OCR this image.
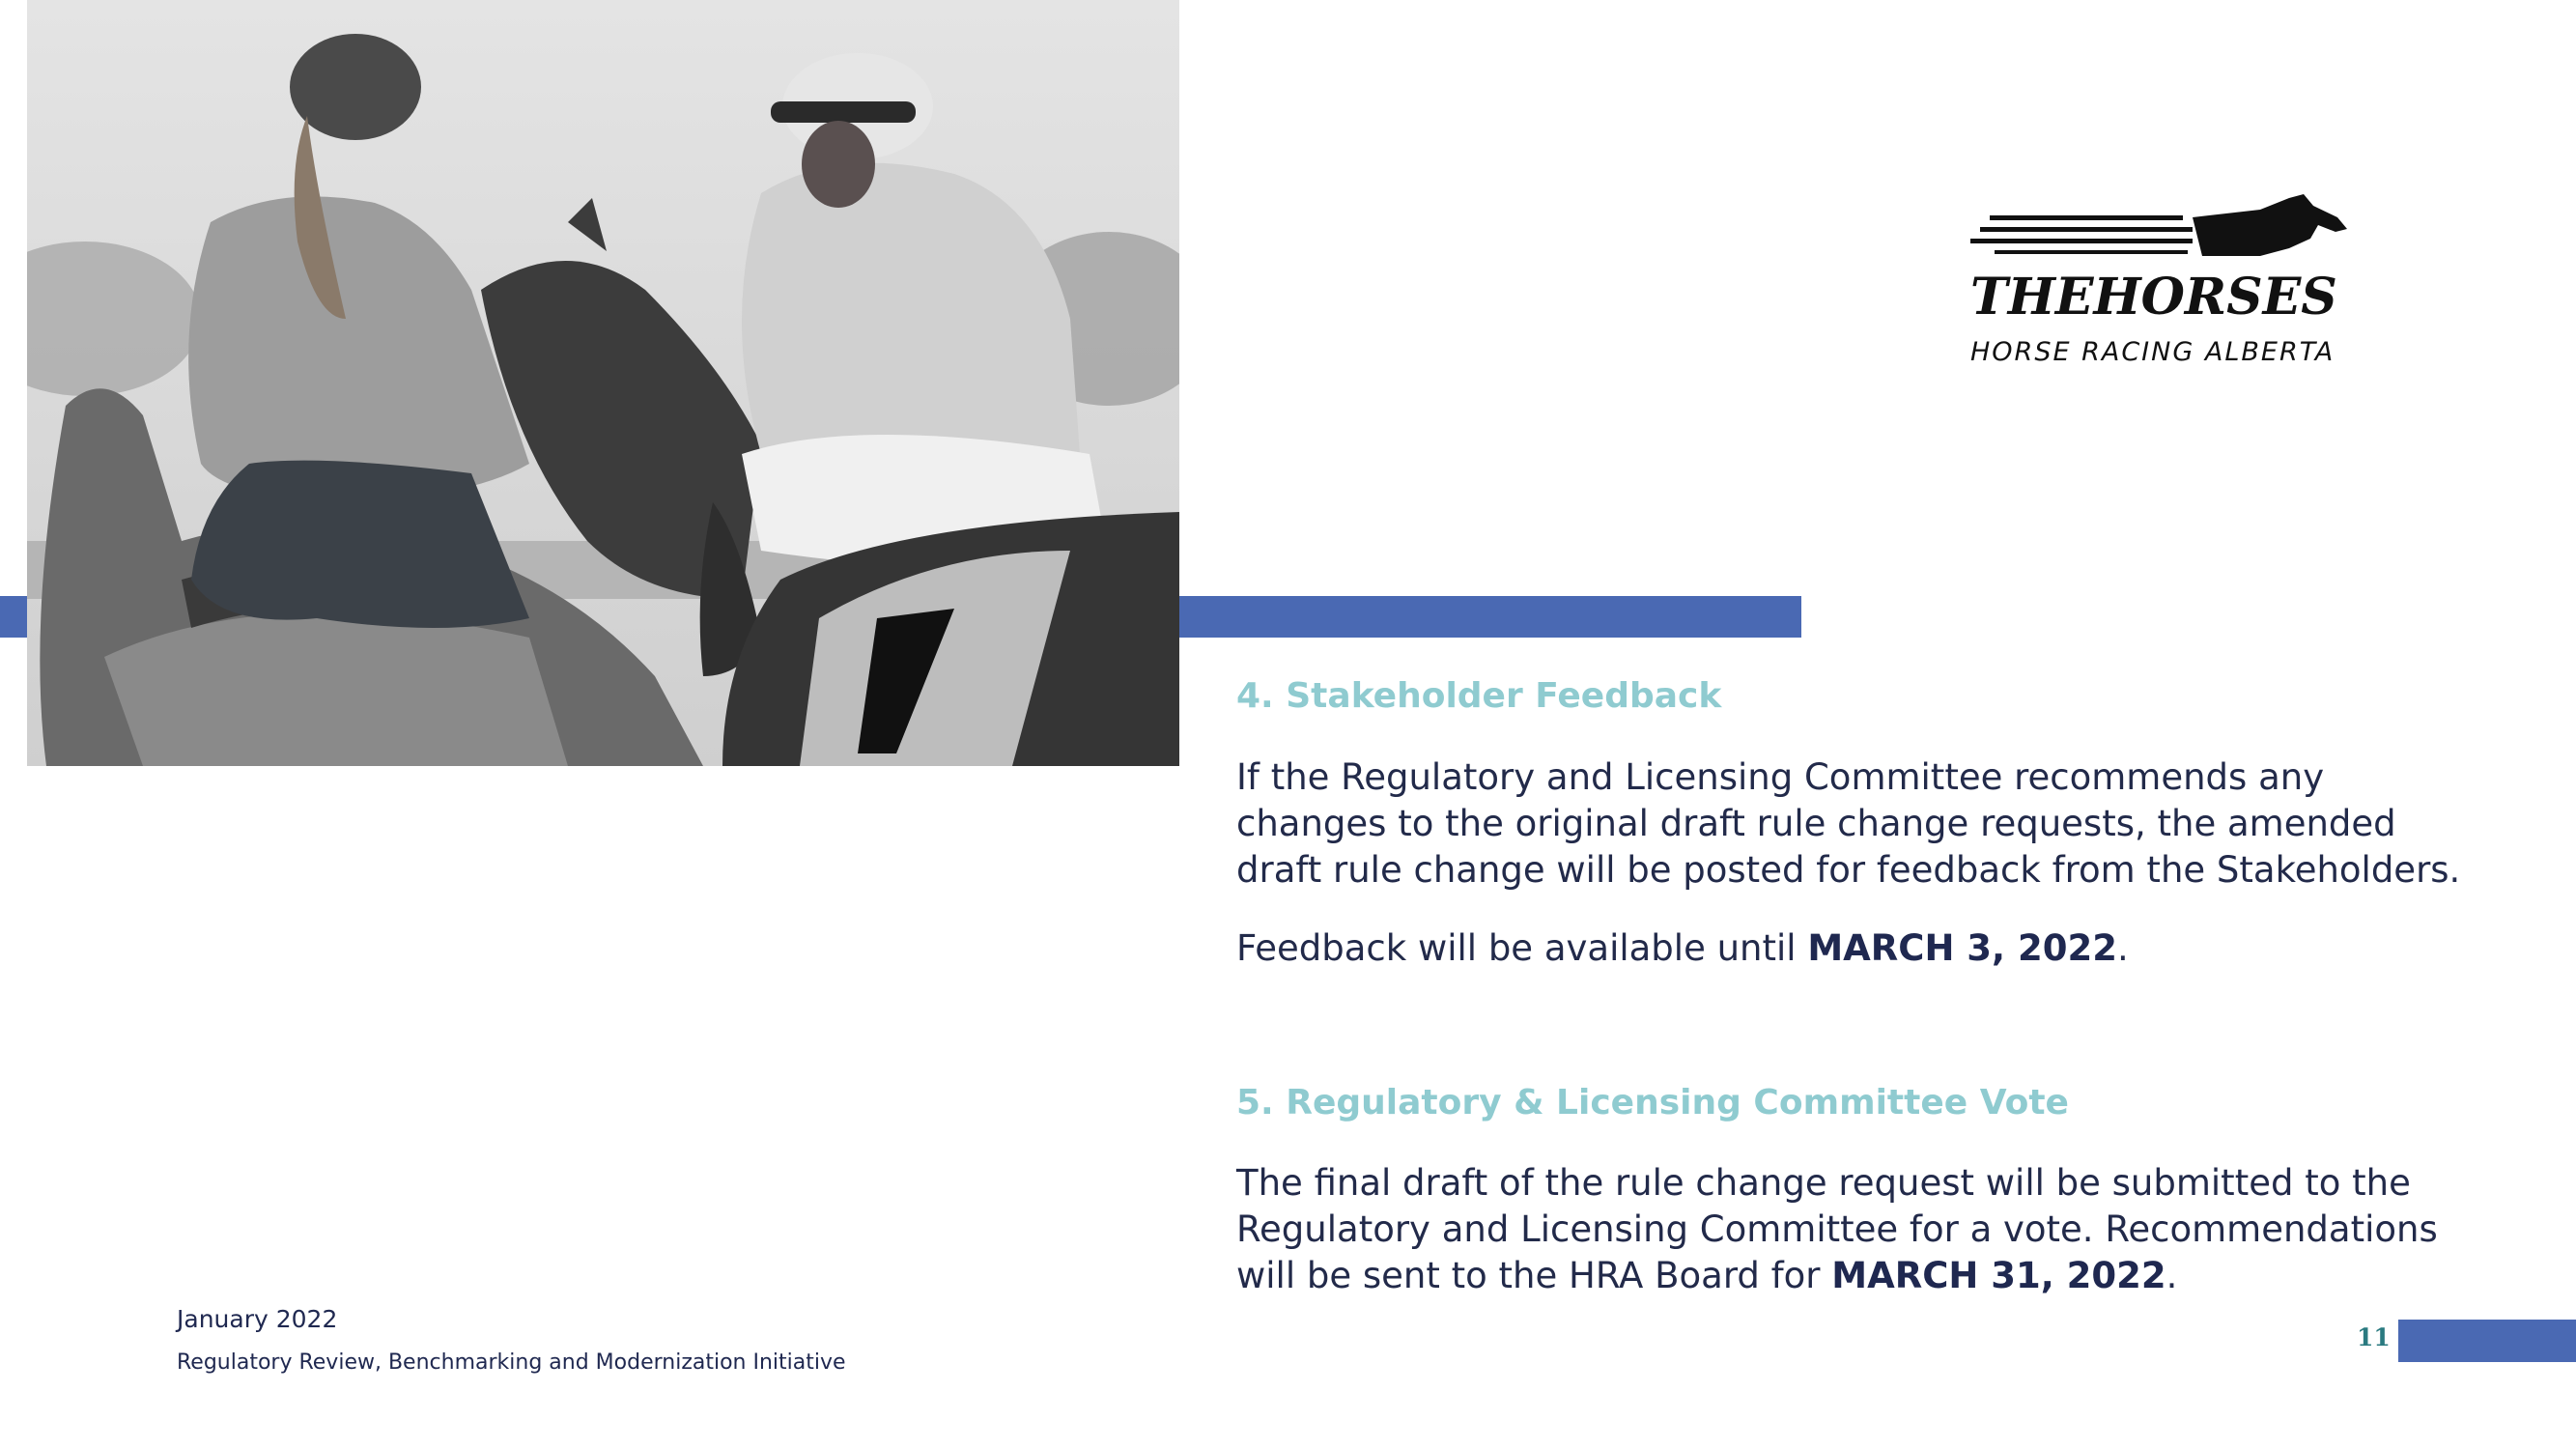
THEHORSES
HORSE RACING ALBERTA
4. Stakeholder Feedback
If the Regulatory and Licensing Committee recommends any changes to the original draft rule change requests, the amended draft rule change will be posted for feedback from the Stakeholders.
Feedback will be available until MARCH 3, 2022.
5. Regulatory & Licensing Committee Vote
The final draft of the rule change request will be submitted to the Regulatory and Licensing Committee for a vote. Recommendations will be sent to the HRA Board for MARCH 31, 2022.
January 2022
Regulatory Review, Benchmarking and Modernization Initiative
11
